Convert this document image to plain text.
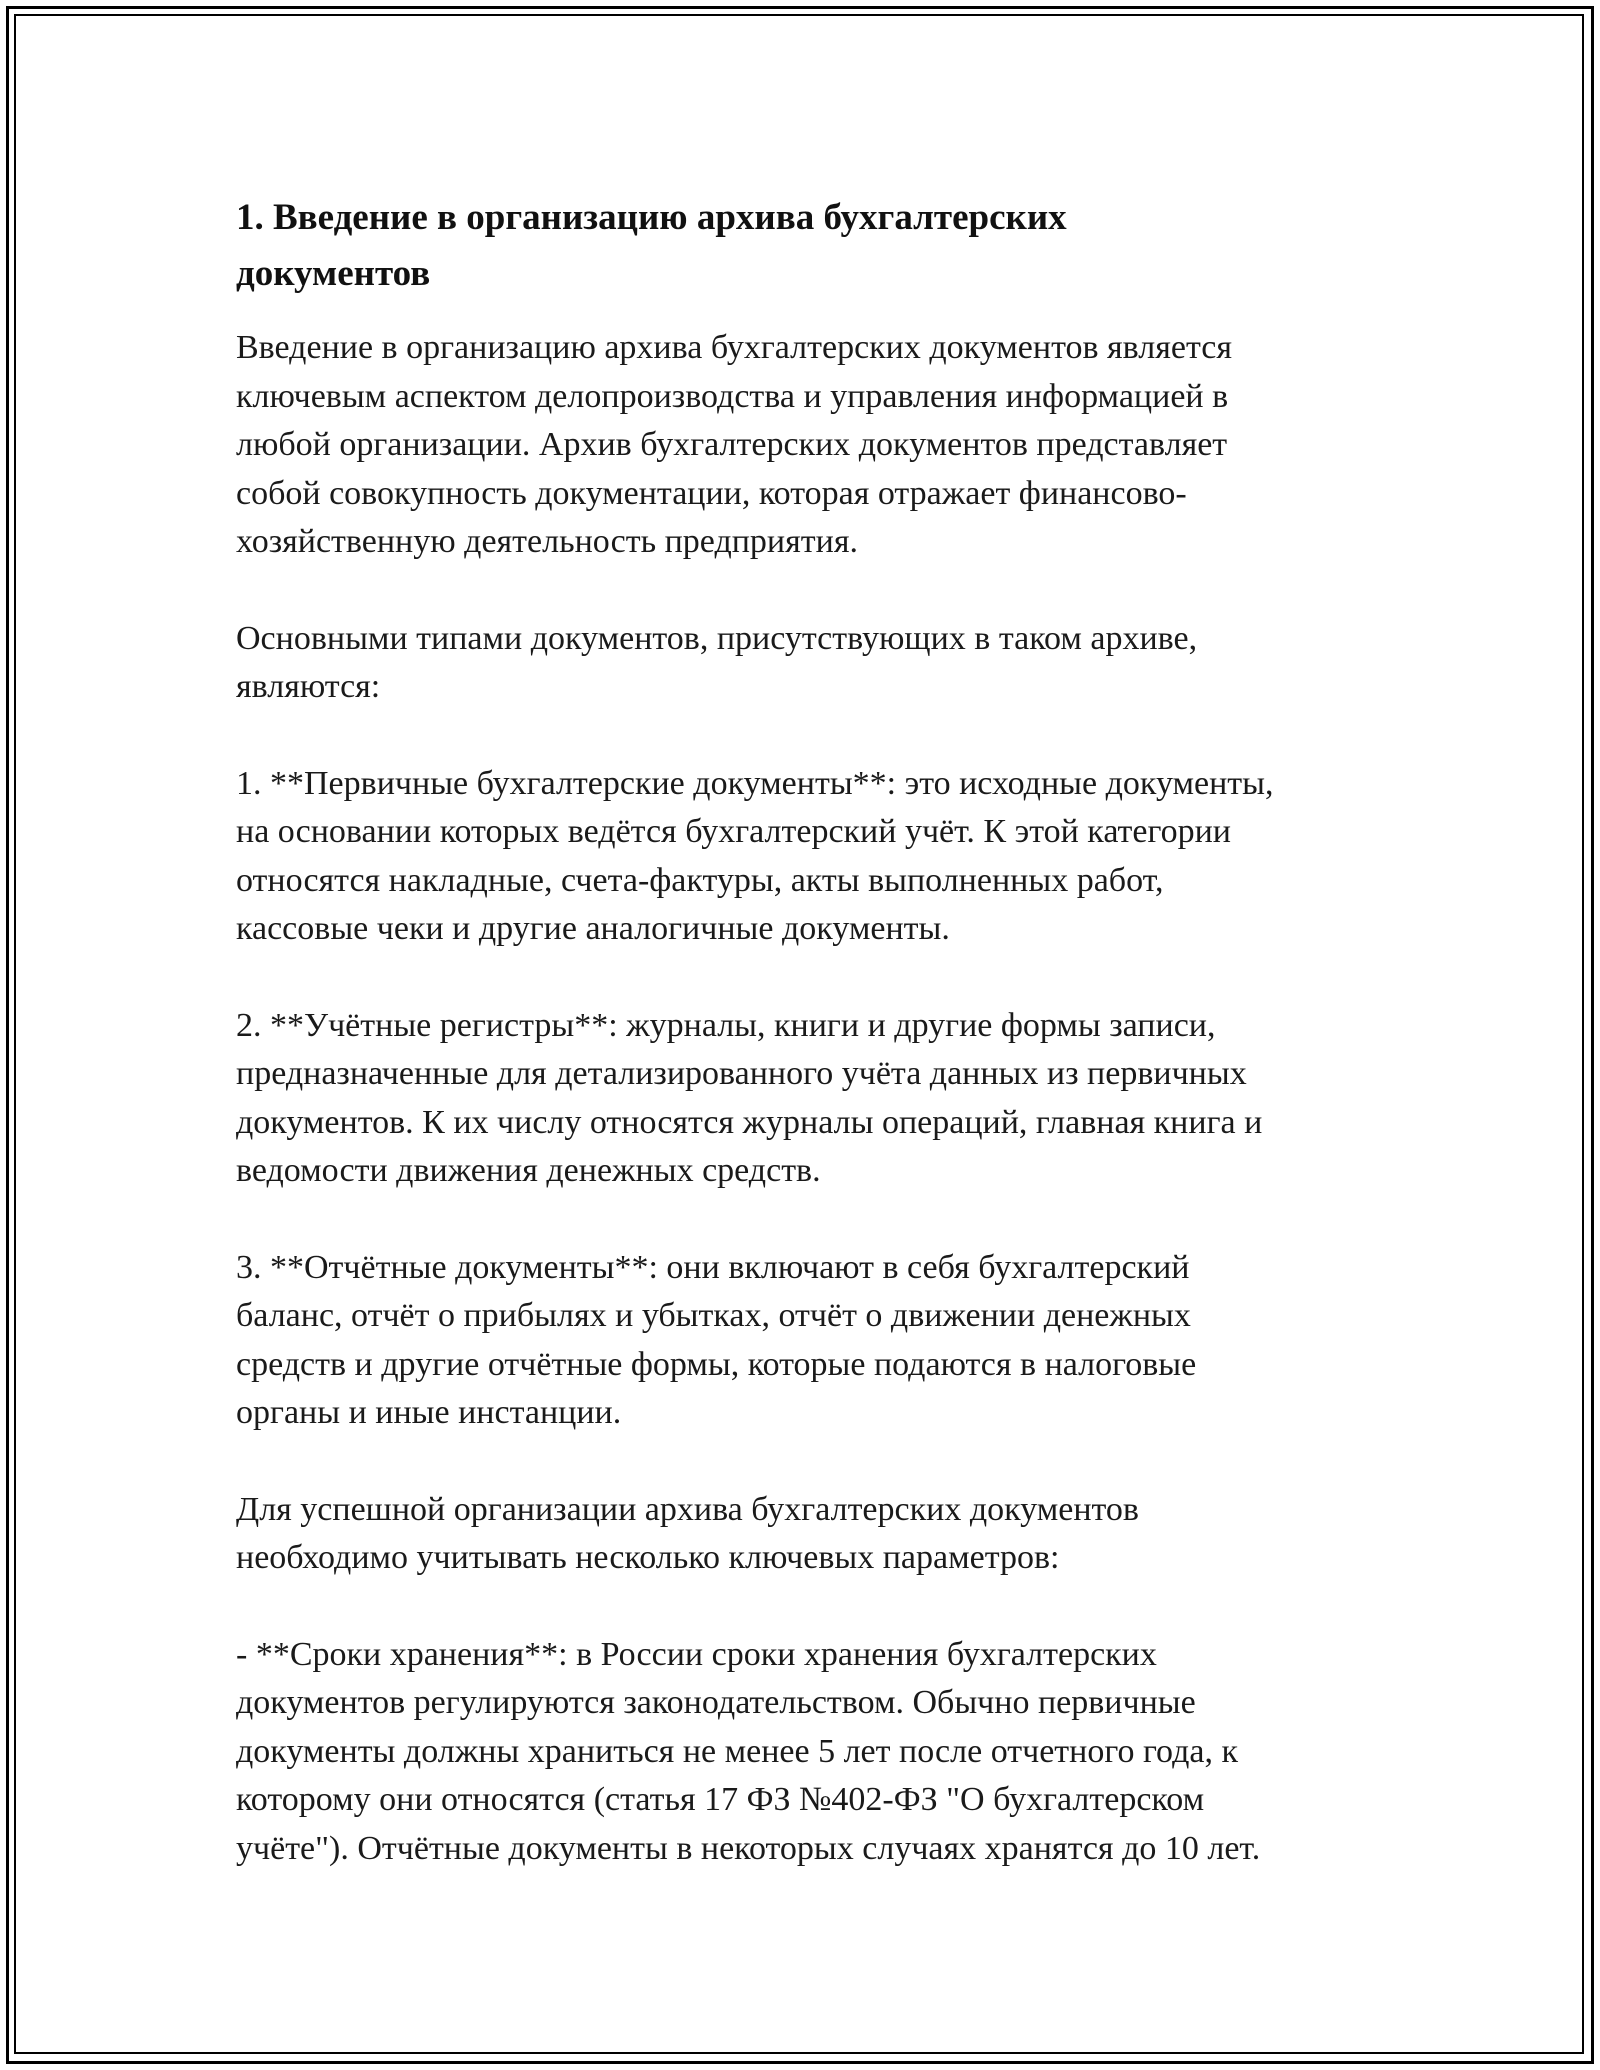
1. Введение в организацию архива бухгалтерских
документов

Введение в организацию архива бухгалтерских документов является
ключевым аспектом делопроизводства и управления информацией в
любой организации. Архив бухгалтерских документов представляет
собой совокупность документации, которая отражает финансово-
хозяйственную деятельность предприятия.

Основными типами документов, присутствующих в таком архиве,
являются:

1. **Первичные бухгалтерские документы**: это исходные документы,
на основании которых ведётся бухгалтерский учёт. К этой категории
относятся накладные, счета-фактуры, акты выполненных работ,
кассовые чеки и другие аналогичные документы.

2. **Учётные регистры**: журналы, книги и другие формы записи,
предназначенные для детализированного учёта данных из первичных
документов. К их числу относятся журналы операций, главная книга и
ведомости движения денежных средств.

3. **Отчётные документы**: они включают в себя бухгалтерский
баланс, отчёт о прибылях и убытках, отчёт о движении денежных
средств и другие отчётные формы, которые подаются в налоговые
органы и иные инстанции.

Для успешной организации архива бухгалтерских документов
необходимо учитывать несколько ключевых параметров:

- **Сроки хранения**: в России сроки хранения бухгалтерских
документов регулируются законодательством. Обычно первичные
документы должны храниться не менее 5 лет после отчетного года, к
которому они относятся (статья 17 ФЗ №402-ФЗ "О бухгалтерском
учёте"). Отчётные документы в некоторых случаях хранятся до 10 лет.
